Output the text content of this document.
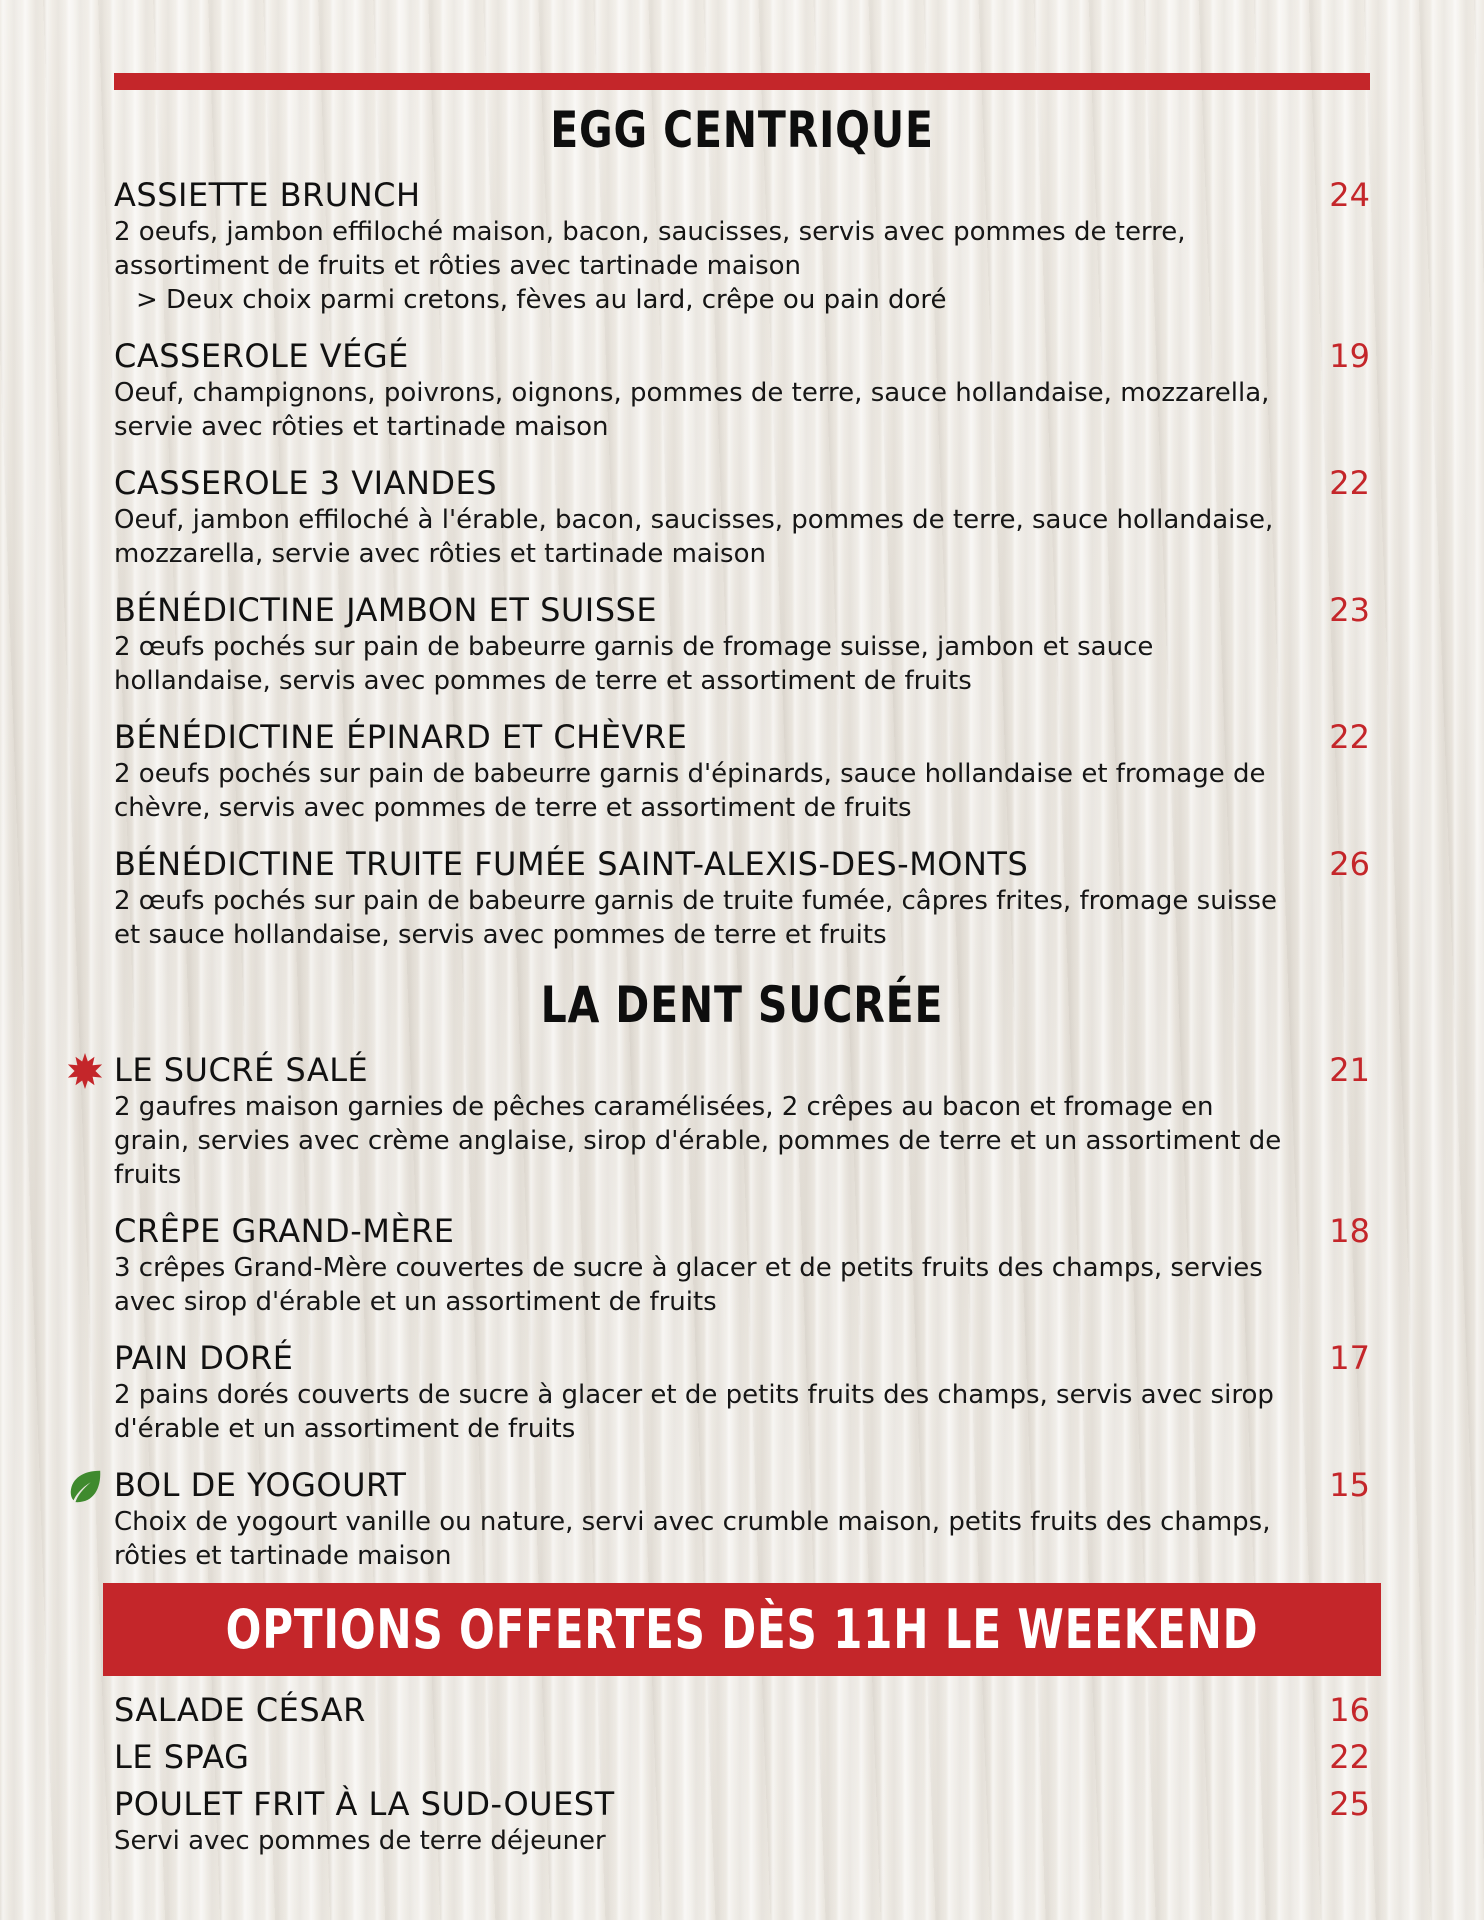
EGG CENTRIQUE
ASSIETTE BRUNCH	24
2 oeufs, jambon effiloché maison, bacon, saucisses, servis avec pommes de terre, assortiment de fruits et rôties avec tartinade maison
> Deux choix parmi cretons, fèves au lard, crêpe ou pain doré
CASSEROLE VÉGÉ	19
Oeuf, champignons, poivrons, oignons, pommes de terre, sauce hollandaise, mozzarella, servie avec rôties et tartinade maison
CASSEROLE 3 VIANDES	22
Oeuf, jambon effiloché à l'érable, bacon, saucisses, pommes de terre, sauce hollandaise, mozzarella, servie avec rôties et tartinade maison
BÉNÉDICTINE JAMBON ET SUISSE	23
2 œufs pochés sur pain de babeurre garnis de fromage suisse, jambon et sauce hollandaise, servis avec pommes de terre et assortiment de fruits
BÉNÉDICTINE ÉPINARD ET CHÈVRE	22
2 oeufs pochés sur pain de babeurre garnis d'épinards, sauce hollandaise et fromage de chèvre, servis avec pommes de terre et assortiment de fruits
BÉNÉDICTINE TRUITE FUMÉE SAINT-ALEXIS-DES-MONTS	26
2 œufs pochés sur pain de babeurre garnis de truite fumée, câpres frites, fromage suisse et sauce hollandaise, servis avec pommes de terre et fruits
LA DENT SUCRÉE
LE SUCRÉ SALÉ	21
2 gaufres maison garnies de pêches caramélisées, 2 crêpes au bacon et fromage en grain, servies avec crème anglaise, sirop d'érable, pommes de terre et un assortiment de fruits
CRÊPE GRAND-MÈRE	18
3 crêpes Grand-Mère couvertes de sucre à glacer et de petits fruits des champs, servies avec sirop d'érable et un assortiment de fruits
PAIN DORÉ	17
2 pains dorés couverts de sucre à glacer et de petits fruits des champs, servis avec sirop d'érable et un assortiment de fruits
BOL DE YOGOURT	15
Choix de yogourt vanille ou nature, servi avec crumble maison, petits fruits des champs, rôties et tartinade maison
OPTIONS OFFERTES DÈS 11H LE WEEKEND
SALADE CÉSAR	16
LE SPAG	22
POULET FRIT À LA SUD-OUEST	25
Servi avec pommes de terre déjeuner
